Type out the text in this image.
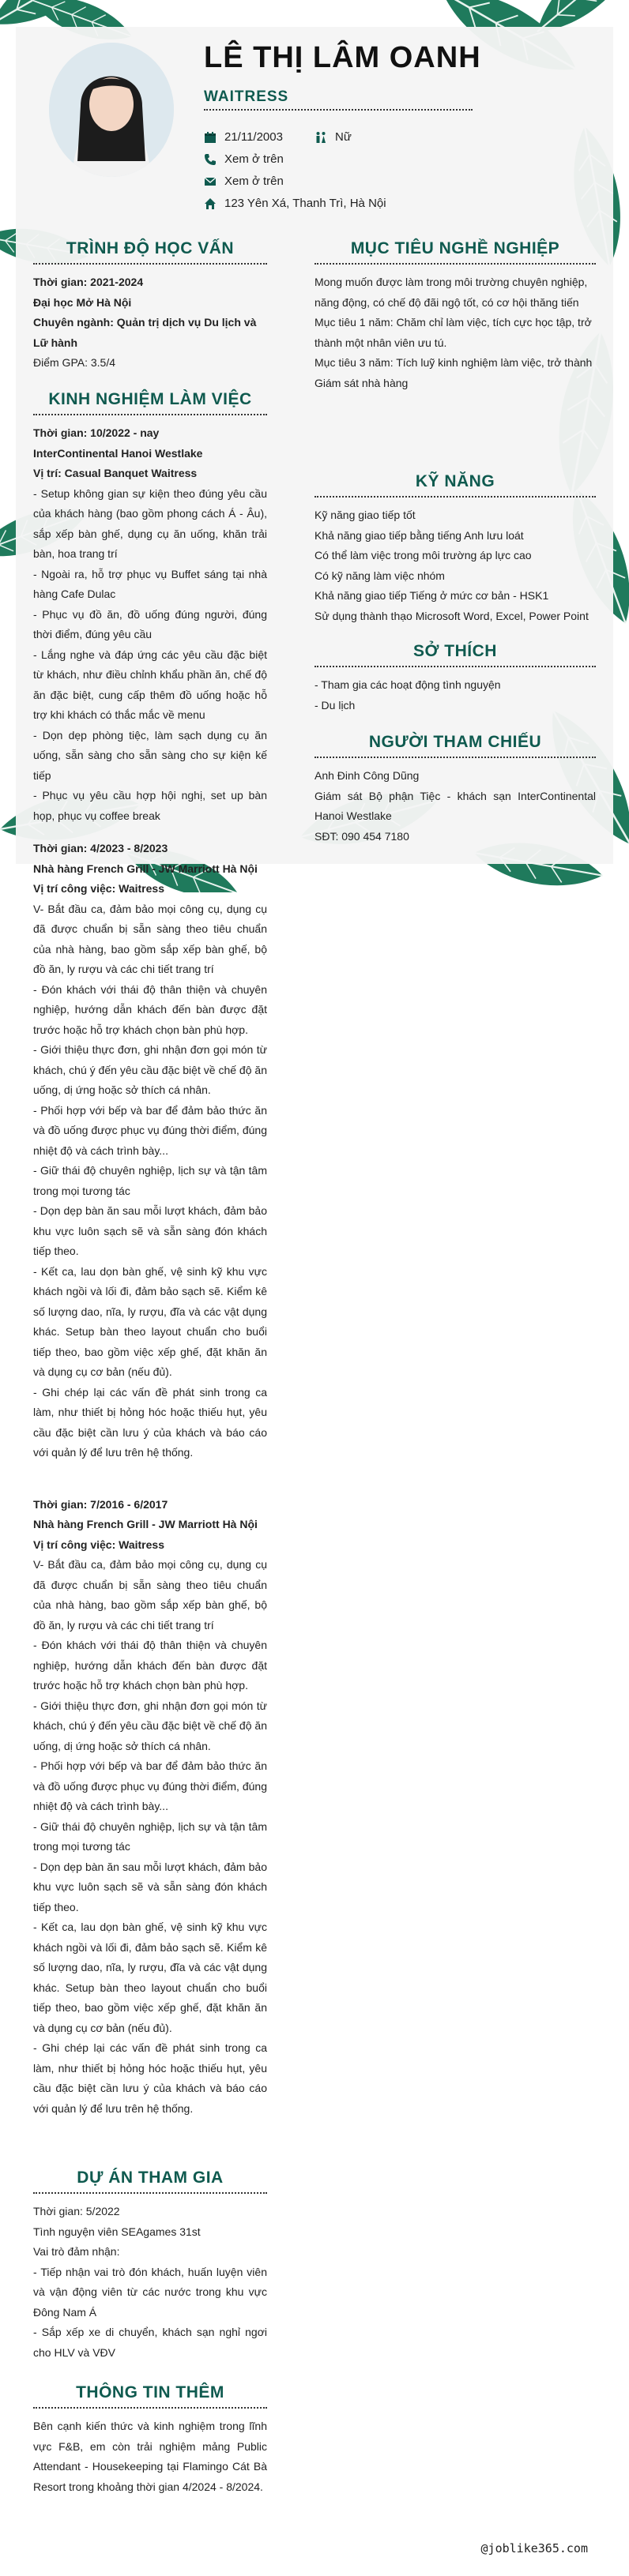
LÊ THỊ LÂM OANH
WAITRESS
21/11/2003	Nữ
Xem ở trên
Xem ở trên
123 Yên Xá, Thanh Trì, Hà Nội
TRÌNH ĐỘ HỌC VẤN

Thời gian: 2021-2024

Đại học Mở Hà Nội

Chuyên ngành: Quản trị dịch vụ Du lịch và Lữ hành

Điểm GPA: 3.5/4

KINH NGHIỆM LÀM VIỆC

Thời gian: 10/2022 - nay

InterContinental Hanoi Westlake

Vị trí: Casual Banquet Waitress

- Setup không gian sự kiện theo đúng yêu cầu của khách hàng (bao gồm phong cách Á - Âu), sắp xếp bàn ghế, dụng cụ ăn uống, khăn trải bàn, hoa trang trí

- Ngoài ra, hỗ trợ phục vụ Buffet sáng tại nhà hàng Cafe Dulac

- Phục vụ đồ ăn, đồ uống đúng người, đúng thời điểm, đúng yêu cầu

- Lắng nghe và đáp ứng các yêu cầu đặc biệt từ khách, như điều chỉnh khẩu phần ăn, chế độ ăn đặc biệt, cung cấp thêm đồ uống hoặc hỗ trợ khi khách có thắc mắc về menu

- Dọn dẹp phòng tiệc, làm sạch dụng cụ ăn uống, sẵn sàng cho sẵn sàng cho sự kiện kế tiếp

- Phục vụ yêu cầu hợp hội nghị, set up bàn họp, phục vụ coffee break

Thời gian: 4/2023 - 8/2023

Nhà hàng French Grill - JW Marriott Hà Nội

Vị trí công việc: Waitress

V- Bắt đầu ca, đảm bảo mọi công cụ, dụng cụ đã được chuẩn bị sẵn sàng theo tiêu chuẩn của nhà hàng, bao gồm sắp xếp bàn ghế, bộ đồ ăn, ly rượu và các chi tiết trang trí

- Đón khách với thái độ thân thiện và chuyên nghiệp, hướng dẫn khách đến bàn được đặt trước hoặc hỗ trợ khách chọn bàn phù hợp.

- Giới thiệu thực đơn, ghi nhận đơn gọi món từ khách, chú ý đến yêu cầu đặc biệt về chế độ ăn uống, dị ứng hoặc sở thích cá nhân.

- Phối hợp với bếp và bar để đảm bảo thức ăn và đồ uống được phục vụ đúng thời điểm, đúng nhiệt độ và cách trình bày...

- Giữ thái độ chuyên nghiệp, lịch sự và tận tâm trong mọi tương tác

- Dọn dẹp bàn ăn sau mỗi lượt khách, đảm bảo khu vực luôn sạch sẽ và sẵn sàng đón khách tiếp theo.

- Kết ca, lau dọn bàn ghế, vệ sinh kỹ khu vực khách ngồi và lối đi, đảm bảo sạch sẽ. Kiểm kê số lượng dao, nĩa, ly rượu, đĩa và các vật dụng khác. Setup bàn theo layout chuẩn cho buổi tiếp theo, bao gồm việc xếp ghế, đặt khăn ăn và dụng cụ cơ bản (nếu đủ).

- Ghi chép lại các vấn đề phát sinh trong ca làm, như thiết bị hỏng hóc hoặc thiếu hụt, yêu cầu đặc biệt cần lưu ý của khách và báo cáo với quản lý để lưu trên hệ thống.

Thời gian: 7/2016 - 6/2017

Nhà hàng French Grill - JW Marriott Hà Nội

Vị trí công việc: Waitress

V- Bắt đầu ca, đảm bảo mọi công cụ, dụng cụ đã được chuẩn bị sẵn sàng theo tiêu chuẩn của nhà hàng, bao gồm sắp xếp bàn ghế, bộ đồ ăn, ly rượu và các chi tiết trang trí

- Đón khách với thái độ thân thiện và chuyên nghiệp, hướng dẫn khách đến bàn được đặt trước hoặc hỗ trợ khách chọn bàn phù hợp.

- Giới thiệu thực đơn, ghi nhận đơn gọi món từ khách, chú ý đến yêu cầu đặc biệt về chế độ ăn uống, dị ứng hoặc sở thích cá nhân.

- Phối hợp với bếp và bar để đảm bảo thức ăn và đồ uống được phục vụ đúng thời điểm, đúng nhiệt độ và cách trình bày...

- Giữ thái độ chuyên nghiệp, lịch sự và tận tâm trong mọi tương tác

- Dọn dẹp bàn ăn sau mỗi lượt khách, đảm bảo khu vực luôn sạch sẽ và sẵn sàng đón khách tiếp theo.

- Kết ca, lau dọn bàn ghế, vệ sinh kỹ khu vực khách ngồi và lối đi, đảm bảo sạch sẽ. Kiểm kê số lượng dao, nĩa, ly rượu, đĩa và các vật dụng khác. Setup bàn theo layout chuẩn cho buổi tiếp theo, bao gồm việc xếp ghế, đặt khăn ăn và dụng cụ cơ bản (nếu đủ).

- Ghi chép lại các vấn đề phát sinh trong ca làm, như thiết bị hỏng hóc hoặc thiếu hụt, yêu cầu đặc biệt cần lưu ý của khách và báo cáo với quản lý để lưu trên hệ thống.

DỰ ÁN THAM GIA

Thời gian: 5/2022

Tình nguyện viên SEAgames 31st

Vai trò đảm nhận:

- Tiếp nhận vai trò đón khách, huấn luyện viên và vận động viên từ các nước trong khu vực Đông Nam Á

- Sắp xếp xe di chuyển, khách sạn nghỉ ngơi cho HLV và VĐV

THÔNG TIN THÊM

Bên cạnh kiến thức và kinh nghiệm trong lĩnh vực F&B, em còn trải nghiệm mảng Public Attendant - Housekeeping tại Flamingo Cát Bà Resort trong khoảng thời gian 4/2024 - 8/2024.

MỤC TIÊU NGHỀ NGHIỆP

Mong muốn được làm trong môi trường chuyên nghiệp, năng động, có chế độ đãi ngộ tốt, có cơ hội thăng tiến

Mục tiêu 1 năm: Chăm chỉ làm việc, tích cực học tập, trở thành một nhân viên ưu tú.

Mục tiêu 3 năm: Tích luỹ kinh nghiệm làm việc, trở thành Giám sát nhà hàng

KỸ NĂNG

Kỹ năng giao tiếp tốt

Khả năng giao tiếp bằng tiếng Anh lưu loát

Có thể làm việc trong môi trường áp lực cao

Có kỹ năng làm việc nhóm

Khả năng giao tiếp Tiếng ở mức cơ bản - HSK1

Sử dụng thành thạo Microsoft Word, Excel, Power Point

SỞ THÍCH

- Tham gia các hoạt động tình nguyện

- Du lịch

NGƯỜI THAM CHIẾU

Anh Đinh Công Dũng

Giám sát Bộ phận Tiệc - khách sạn InterContinental Hanoi Westlake

SĐT: 090 454 7180

@joblike365.com
